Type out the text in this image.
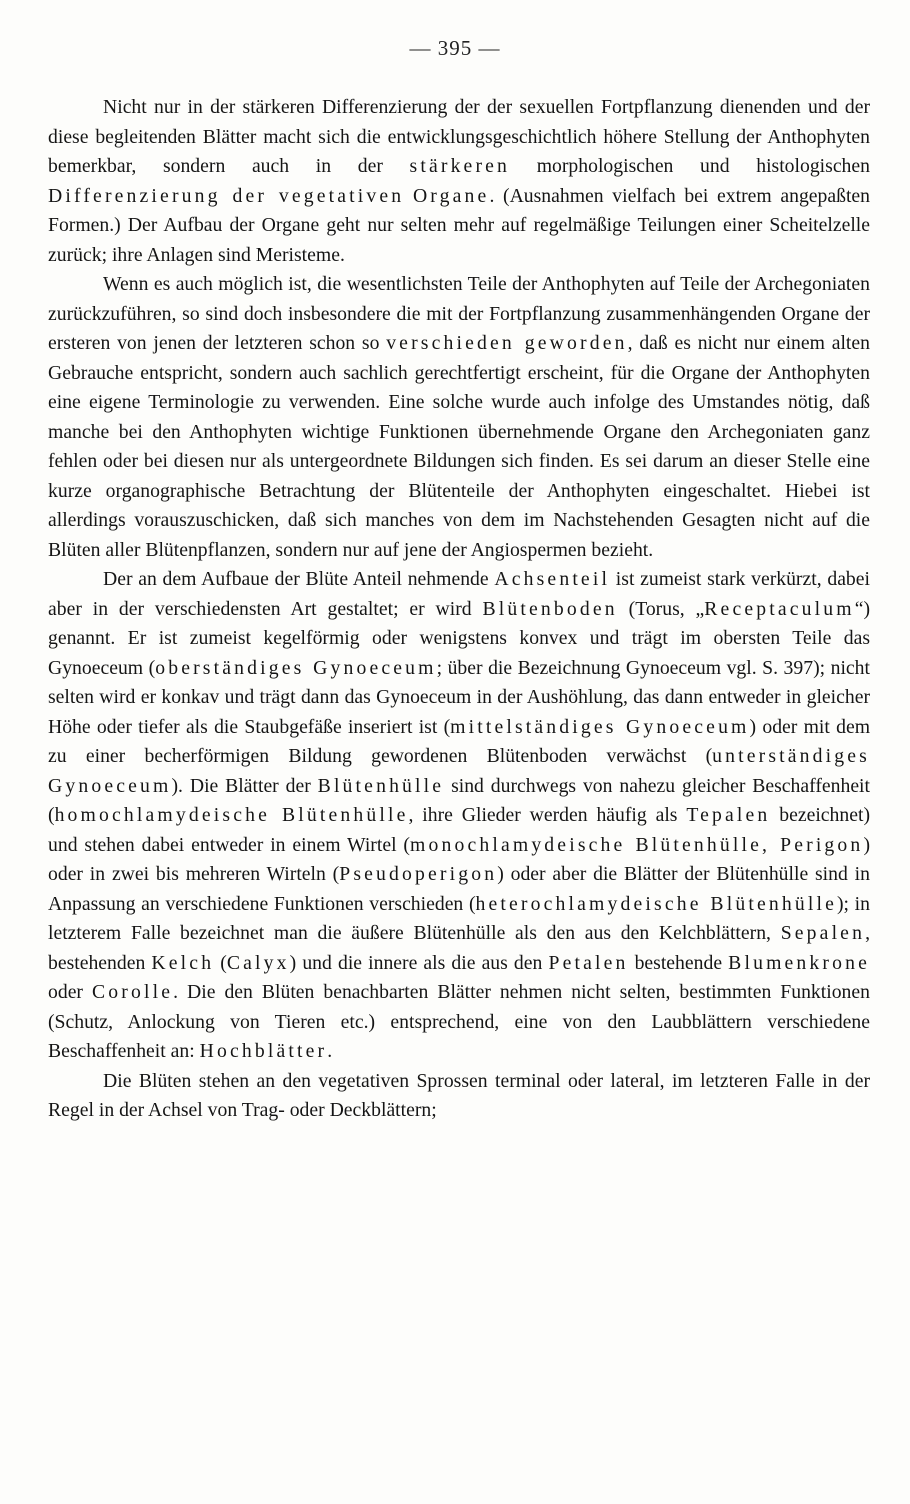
— 395 —

Nicht nur in der stärkeren Differenzierung der der sexuellen Fortpflanzung dienenden und der diese begleitenden Blätter macht sich die entwicklungsgeschichtlich höhere Stellung der Anthophyten bemerkbar, sondern auch in der stärkeren morphologischen und histologischen Differenzierung der vegetativen Organe. (Ausnahmen vielfach bei extrem angepaßten Formen.) Der Aufbau der Organe geht nur selten mehr auf regelmäßige Teilungen einer Scheitelzelle zurück; ihre Anlagen sind Meristeme.

Wenn es auch möglich ist, die wesentlichsten Teile der Anthophyten auf Teile der Archegoniaten zurückzuführen, so sind doch insbesondere die mit der Fortpflanzung zusammenhängenden Organe der ersteren von jenen der letzteren schon so verschieden geworden, daß es nicht nur einem alten Gebrauche entspricht, sondern auch sachlich gerechtfertigt erscheint, für die Organe der Anthophyten eine eigene Terminologie zu verwenden. Eine solche wurde auch infolge des Umstandes nötig, daß manche bei den Anthophyten wichtige Funktionen übernehmende Organe den Archegoniaten ganz fehlen oder bei diesen nur als untergeordnete Bildungen sich finden. Es sei darum an dieser Stelle eine kurze organographische Betrachtung der Blütenteile der Anthophyten eingeschaltet. Hiebei ist allerdings vorauszuschicken, daß sich manches von dem im Nachstehenden Gesagten nicht auf die Blüten aller Blütenpflanzen, sondern nur auf jene der Angiospermen bezieht.

Der an dem Aufbaue der Blüte Anteil nehmende Achsenteil ist zumeist stark verkürzt, dabei aber in der verschiedensten Art gestaltet; er wird Blütenboden (Torus, „Receptaculum“) genannt. Er ist zumeist kegelförmig oder wenigstens konvex und trägt im obersten Teile das Gynoeceum (oberständiges Gynoeceum; über die Bezeichnung Gynoeceum vgl. S. 397); nicht selten wird er konkav und trägt dann das Gynoeceum in der Aushöhlung, das dann entweder in gleicher Höhe oder tiefer als die Staubgefäße inseriert ist (mittelständiges Gynoeceum) oder mit dem zu einer becherförmigen Bildung gewordenen Blütenboden verwächst (unterständiges Gynoeceum). Die Blätter der Blütenhülle sind durchwegs von nahezu gleicher Beschaffenheit (homochlamydeische Blütenhülle, ihre Glieder werden häufig als Tepalen bezeichnet) und stehen dabei entweder in einem Wirtel (monochlamydeische Blütenhülle, Perigon) oder in zwei bis mehreren Wirteln (Pseudoperigon) oder aber die Blätter der Blütenhülle sind in Anpassung an verschiedene Funktionen verschieden (heterochlamydeische Blütenhülle); in letzterem Falle bezeichnet man die äußere Blütenhülle als den aus den Kelchblättern, Sepalen, bestehenden Kelch (Calyx) und die innere als die aus den Petalen bestehende Blumenkrone oder Corolle. Die den Blüten benachbarten Blätter nehmen nicht selten, bestimmten Funktionen (Schutz, Anlockung von Tieren etc.) entsprechend, eine von den Laubblättern verschiedene Beschaffenheit an: Hochblätter.

Die Blüten stehen an den vegetativen Sprossen terminal oder lateral, im letzteren Falle in der Regel in der Achsel von Trag- oder Deckblättern;
